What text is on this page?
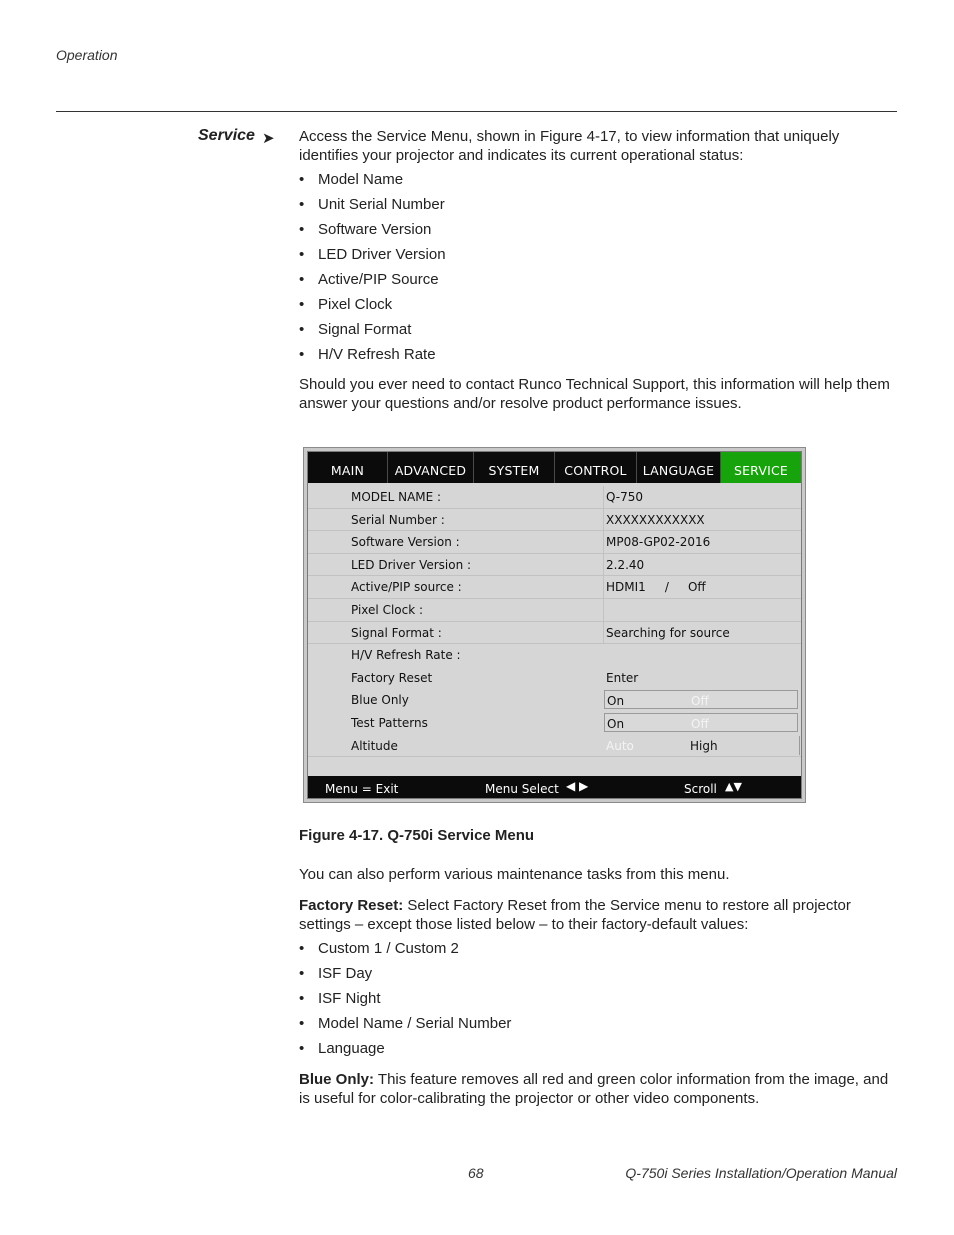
Operation
Service ➤ Access the Service Menu, shown in Figure 4-17, to view information that uniquely identifies your projector and indicates its current operational status:
• Model Name
• Unit Serial Number
• Software Version
• LED Driver Version
• Active/PIP Source
• Pixel Clock
• Signal Format
• H/V Refresh Rate
Should you ever need to contact Runco Technical Support, this information will help them answer your questions and/or resolve product performance issues.
MAIN	ADVANCED	SYSTEM	CONTROL	LANGUAGE	SERVICE
MODEL NAME :	Q-750
Serial Number :	XXXXXXXXXXXX
Software Version :	MP08-GP02-2016
LED Driver Version :	2.2.40
Active/PIP source :	HDMI1     /     Off
Pixel Clock :
Signal Format :	Searching for source
H/V Refresh Rate :
Factory Reset	Enter
Blue Only	On	Off
Test Patterns	On	Off
Altitude	Auto	High
Menu = Exit	Menu Select ◀ ▶	Scroll ▲▼
Figure 4-17. Q-750i Service Menu
You can also perform various maintenance tasks from this menu.
Factory Reset: Select Factory Reset from the Service menu to restore all projector settings – except those listed below – to their factory-default values:
• Custom 1 / Custom 2
• ISF Day
• ISF Night
• Model Name / Serial Number
• Language
Blue Only: This feature removes all red and green color information from the image, and is useful for color-calibrating the projector or other video components.
68	Q-750i Series Installation/Operation Manual
